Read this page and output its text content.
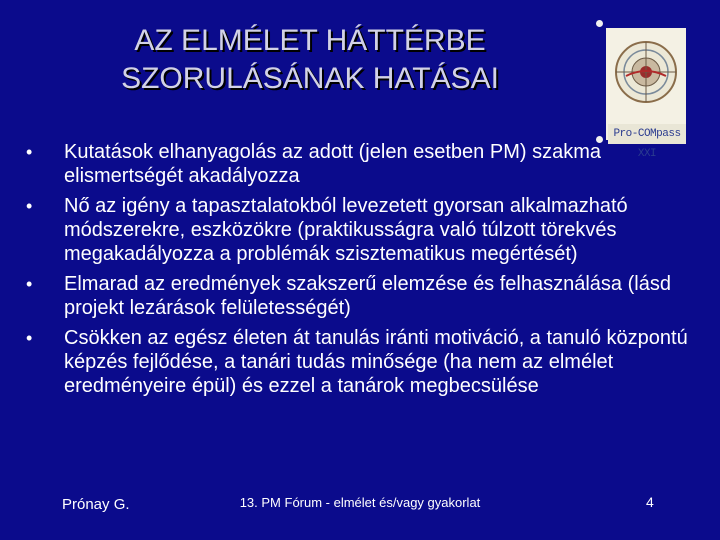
AZ ELMÉLET HÁTTÉRBE
SZORULÁSÁNAK HATÁSAI
Pro-COMpass XXI
• Kutatások elhanyagolás az adott (jelen esetben PM) szakma elismertségét akadályozza
• Nő az igény a tapasztalatokból levezetett gyorsan alkalmazható módszerekre, eszközökre (praktikusságra való túlzott törekvés megakadályozza a problémák szisztematikus megértését)
• Elmarad az eredmények szakszerű elemzése és felhasználása (lásd projekt lezárások felületességét)
• Csökken az egész életen át tanulás iránti motiváció, a tanuló központú képzés fejlődése, a tanári tudás minősége (ha nem az elmélet eredményeire épül) és ezzel a tanárok megbecsülése
Prónay G.	13. PM Fórum - elmélet és/vagy gyakorlat	4
